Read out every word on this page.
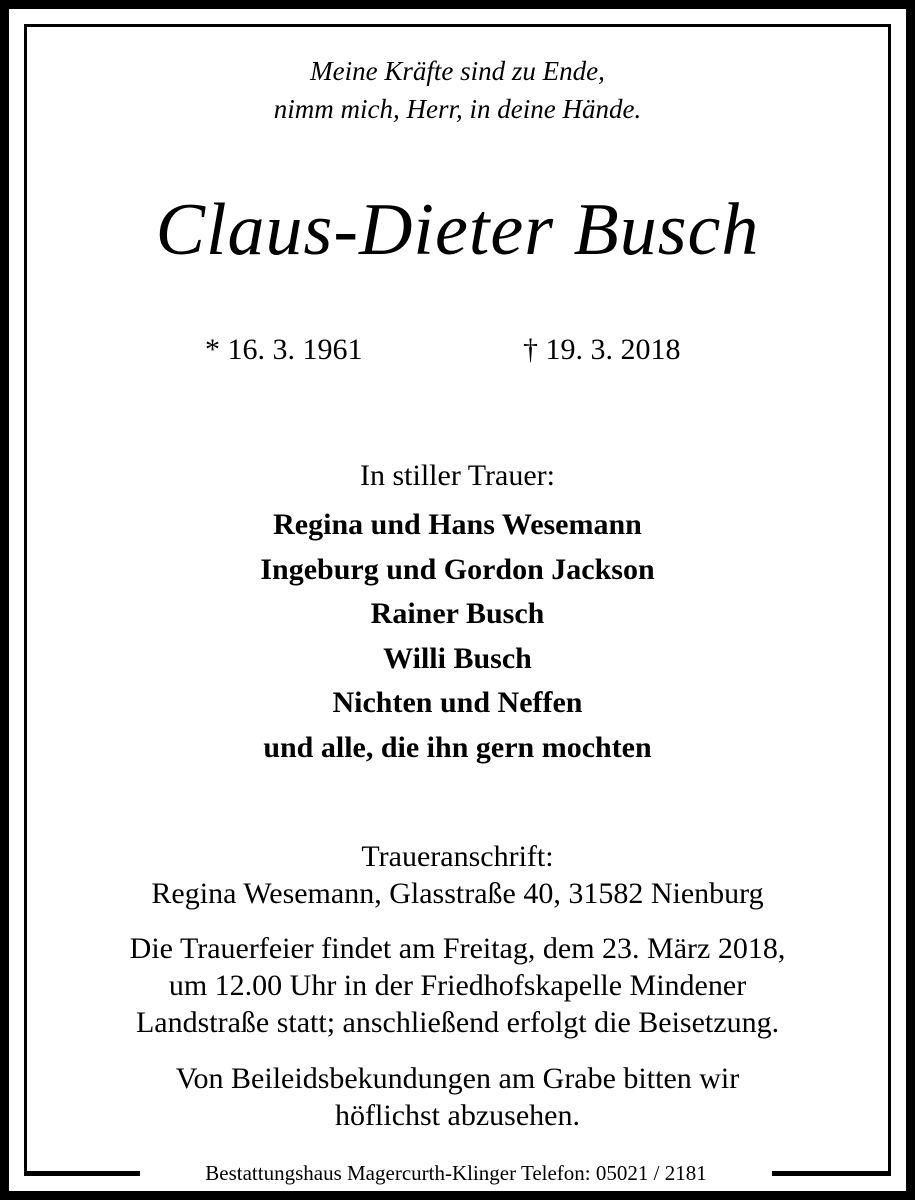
Meine Kräfte sind zu Ende,
nimm mich, Herr, in deine Hände.
Claus-Dieter Busch
* 16. 3. 1961	† 19. 3. 2018
In stiller Trauer:
Regina und Hans Wesemann
Ingeburg und Gordon Jackson
Rainer Busch
Willi Busch
Nichten und Neffen
und alle, die ihn gern mochten
Traueranschrift:
Regina Wesemann, Glasstraße 40, 31582 Nienburg
Die Trauerfeier findet am Freitag, dem 23. März 2018,
um 12.00 Uhr in der Friedhofskapelle Mindener
Landstraße statt; anschließend erfolgt die Beisetzung.
Von Beileidsbekundungen am Grabe bitten wir
höflichst abzusehen.
Bestattungshaus Magercurth-Klinger Telefon: 05021 / 2181
